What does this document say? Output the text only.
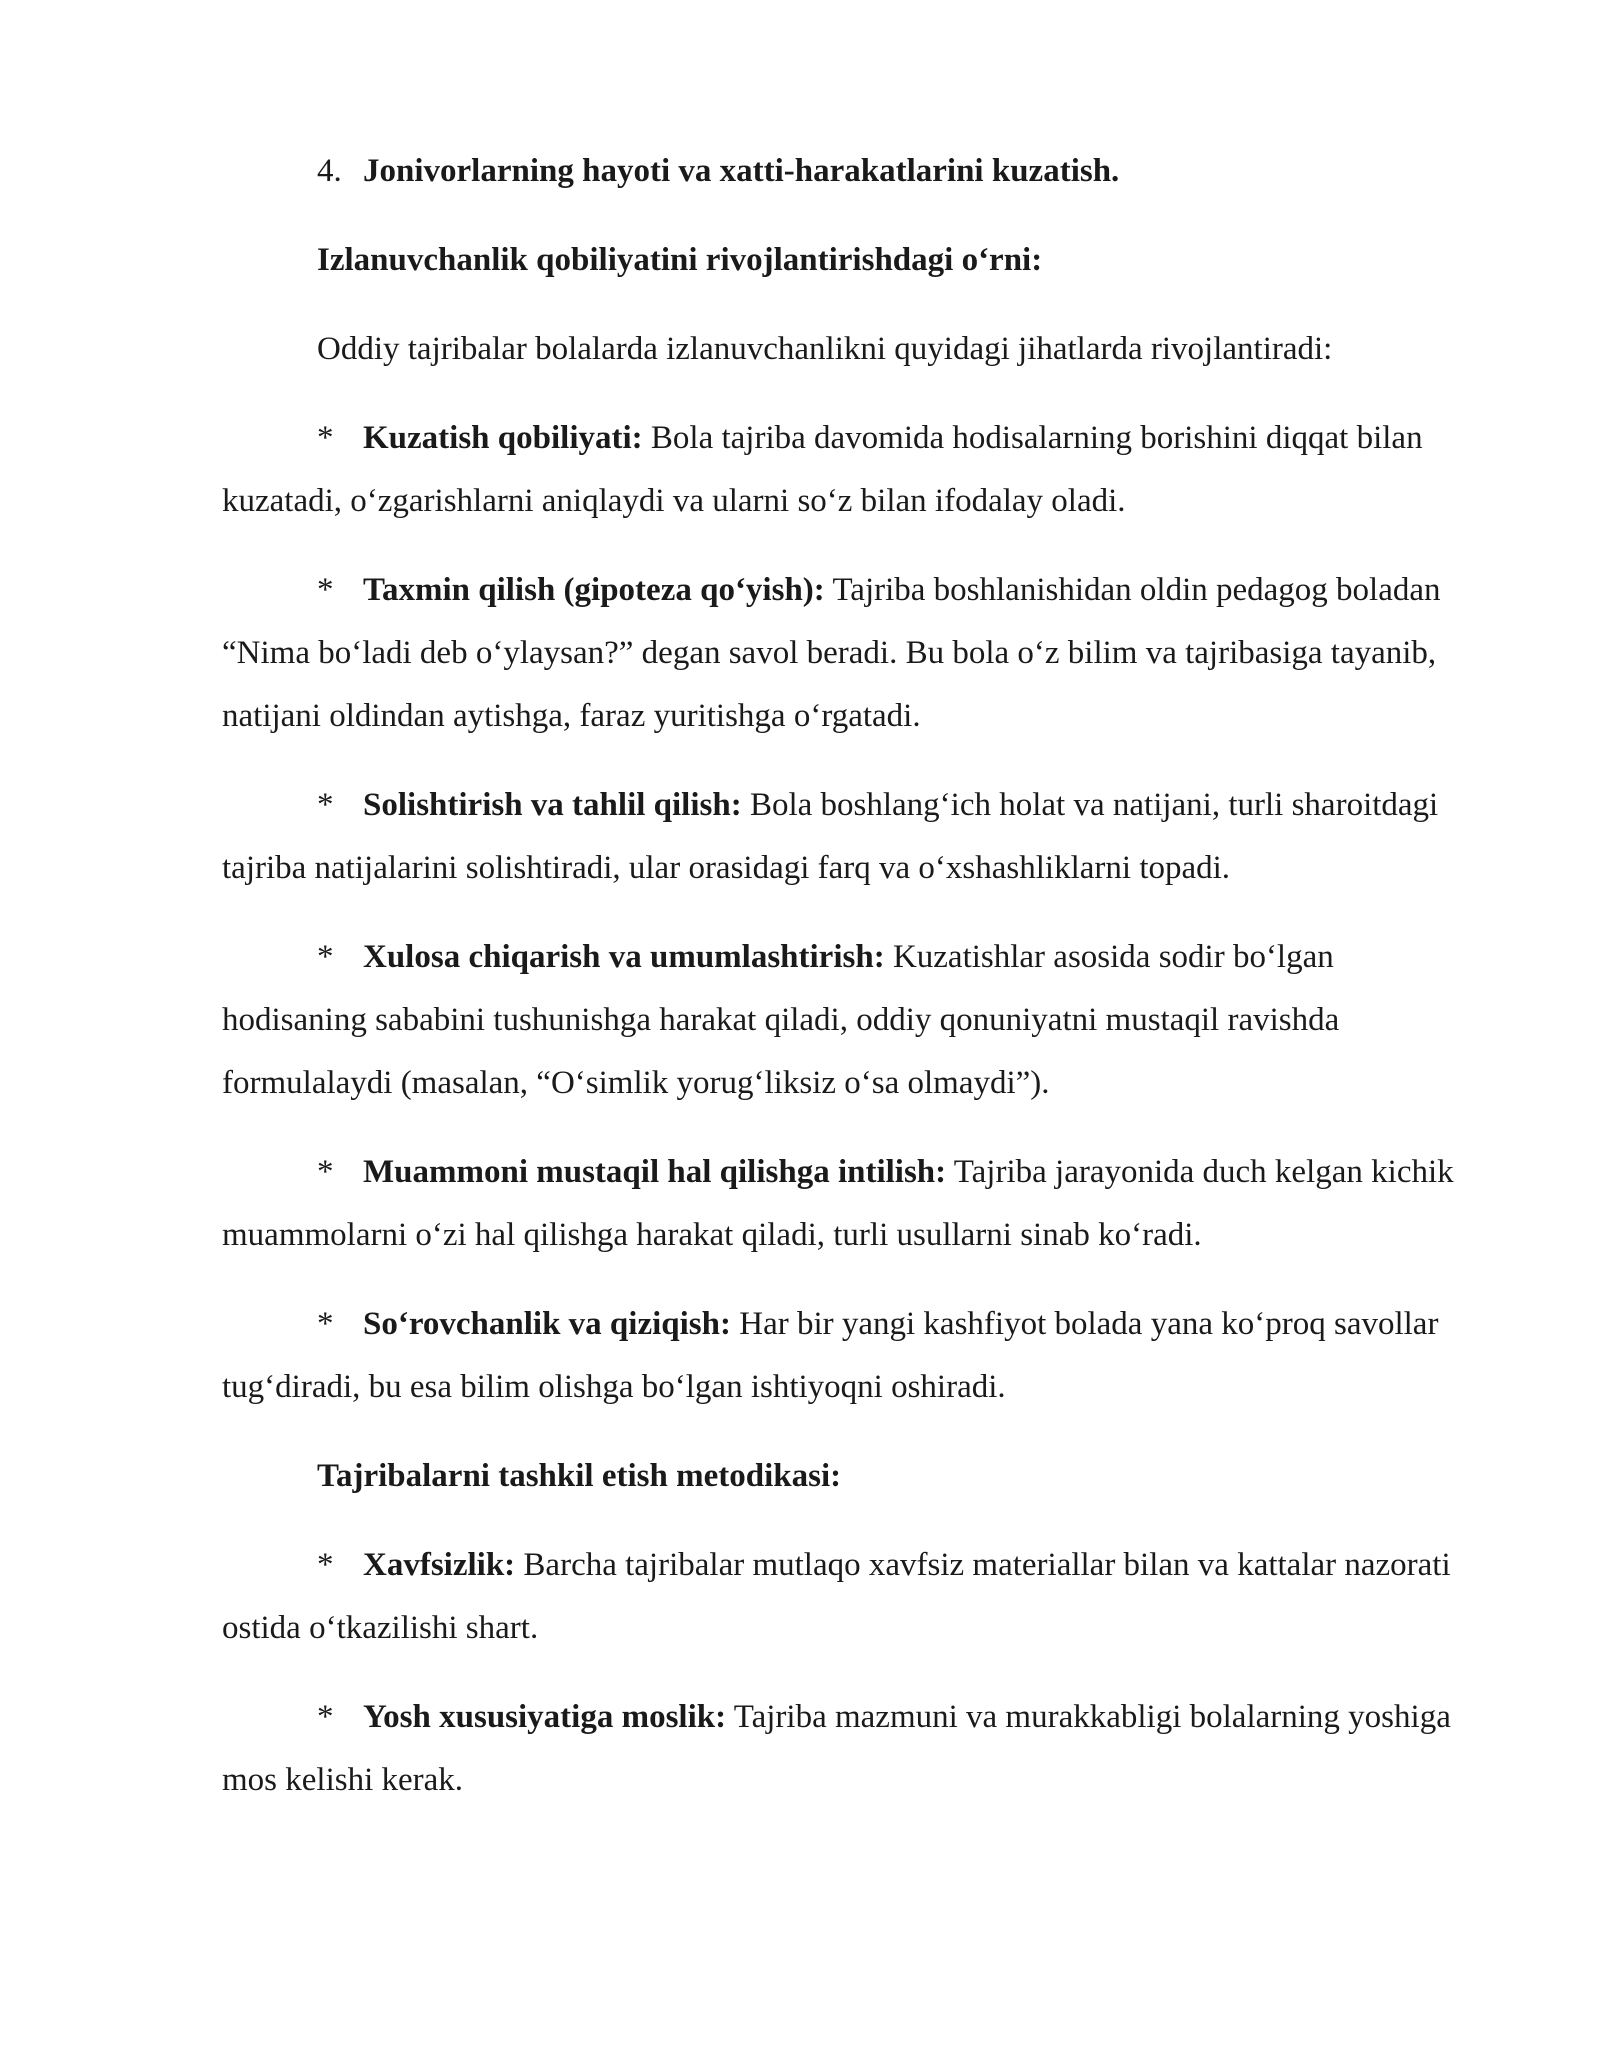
4. Jonivorlarning hayoti va xatti-harakatlarini kuzatish.

Izlanuvchanlik qobiliyatini rivojlantirishdagi oʻrni:

Oddiy tajribalar bolalarda izlanuvchanlikni quyidagi jihatlarda rivojlantiradi:

* Kuzatish qobiliyati: Bola tajriba davomida hodisalarning borishini diqqat bilan kuzatadi, oʻzgarishlarni aniqlaydi va ularni soʻz bilan ifodalay oladi.

* Taxmin qilish (gipoteza qoʻyish): Tajriba boshlanishidan oldin pedagog boladan “Nima boʻladi deb oʻylaysan?” degan savol beradi. Bu bola oʻz bilim va tajribasiga tayanib, natijani oldindan aytishga, faraz yuritishga oʻrgatadi.

* Solishtirish va tahlil qilish: Bola boshlangʻich holat va natijani, turli sharoitdagi tajriba natijalarini solishtiradi, ular orasidagi farq va oʻxshashliklarni topadi.

* Xulosa chiqarish va umumlashtirish: Kuzatishlar asosida sodir boʻlgan hodisaning sababini tushunishga harakat qiladi, oddiy qonuniyatni mustaqil ravishda formulalaydi (masalan, “Oʻsimlik yorugʻliksiz oʻsa olmaydi”).

* Muammoni mustaqil hal qilishga intilish: Tajriba jarayonida duch kelgan kichik muammolarni oʻzi hal qilishga harakat qiladi, turli usullarni sinab koʻradi.

* Soʻrovchanlik va qiziqish: Har bir yangi kashfiyot bolada yana koʻproq savollar tugʻdiradi, bu esa bilim olishga boʻlgan ishtiyoqni oshiradi.

Tajribalarni tashkil etish metodikasi:

* Xavfsizlik: Barcha tajribalar mutlaqo xavfsiz materiallar bilan va kattalar nazorati ostida oʻtkazilishi shart.

* Yosh xususiyatiga moslik: Tajriba mazmuni va murakkabligi bolalarning yoshiga mos kelishi kerak.
